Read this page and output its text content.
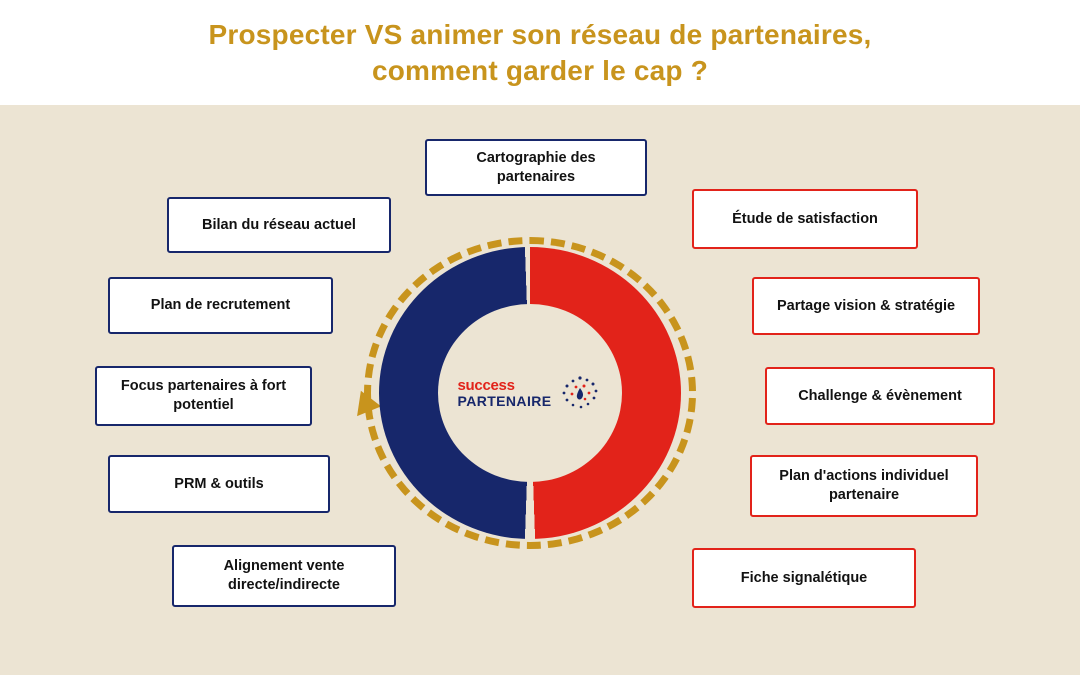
Prospecter VS animer son réseau de partenaires,
comment garder le cap ?
Cartographie des partenaires
Bilan du réseau actuel
Plan de recrutement
Focus partenaires à fort potentiel
PRM & outils
Alignement vente directe/indirecte
Étude de satisfaction
Partage vision & stratégie
Challenge & évènement
Plan d'actions individuel partenaire
Fiche signalétique
success
PARTENAIRE
